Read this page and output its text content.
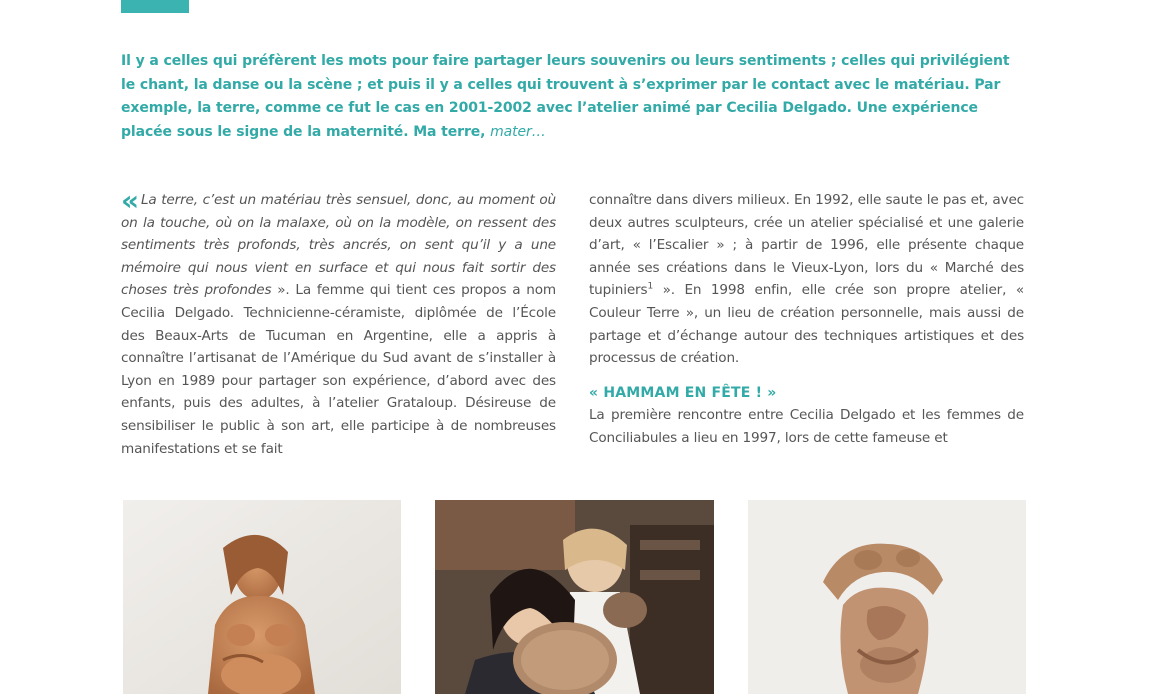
Il y a celles qui préfèrent les mots pour faire partager leurs souvenirs ou leurs sentiments ; celles qui privilégient le chant, la danse ou la scène ; et puis il y a celles qui trouvent à s’exprimer par le contact avec le matériau. Par exemple, la terre, comme ce fut le cas en 2001-2002 avec l’atelier animé par Cecilia Delgado. Une expérience placée sous le signe de la maternité. Ma terre, mater…

« La terre, c’est un matériau très sensuel, donc, au moment où on la touche, où on la malaxe, où on la modèle, on ressent des sentiments très profonds, très ancrés, on sent qu’il y a une mémoire qui nous vient en surface et qui nous fait sortir des choses très profondes ». La femme qui tient ces propos a nom Cecilia Delgado. Technicienne-céramiste, diplômée de l’École des Beaux-Arts de Tucuman en Argentine, elle a appris à connaître l’artisanat de l’Amérique du Sud avant de s’installer à Lyon en 1989 pour partager son expérience, d’abord avec des enfants, puis des adultes, à l’atelier Grataloup. Désireuse de sensibiliser le public à son art, elle participe à de nombreuses manifestations et se fait

connaître dans divers milieux. En 1992, elle saute le pas et, avec deux autres sculpteurs, crée un atelier spécialisé et une galerie d’art, « l’Escalier » ; à partir de 1996, elle présente chaque année ses créations dans le Vieux-Lyon, lors du « Marché des tupiniers$^1$ ». En 1998 enfin, elle crée son propre atelier, « Couleur Terre », un lieu de création personnelle, mais aussi de partage et d’échange autour des techniques artistiques et des processus de création.

« HAMMAM EN FÊTE ! »

La première rencontre entre Cecilia Delgado et les femmes de Conciliabules a lieu en 1997, lors de cette fameuse et
